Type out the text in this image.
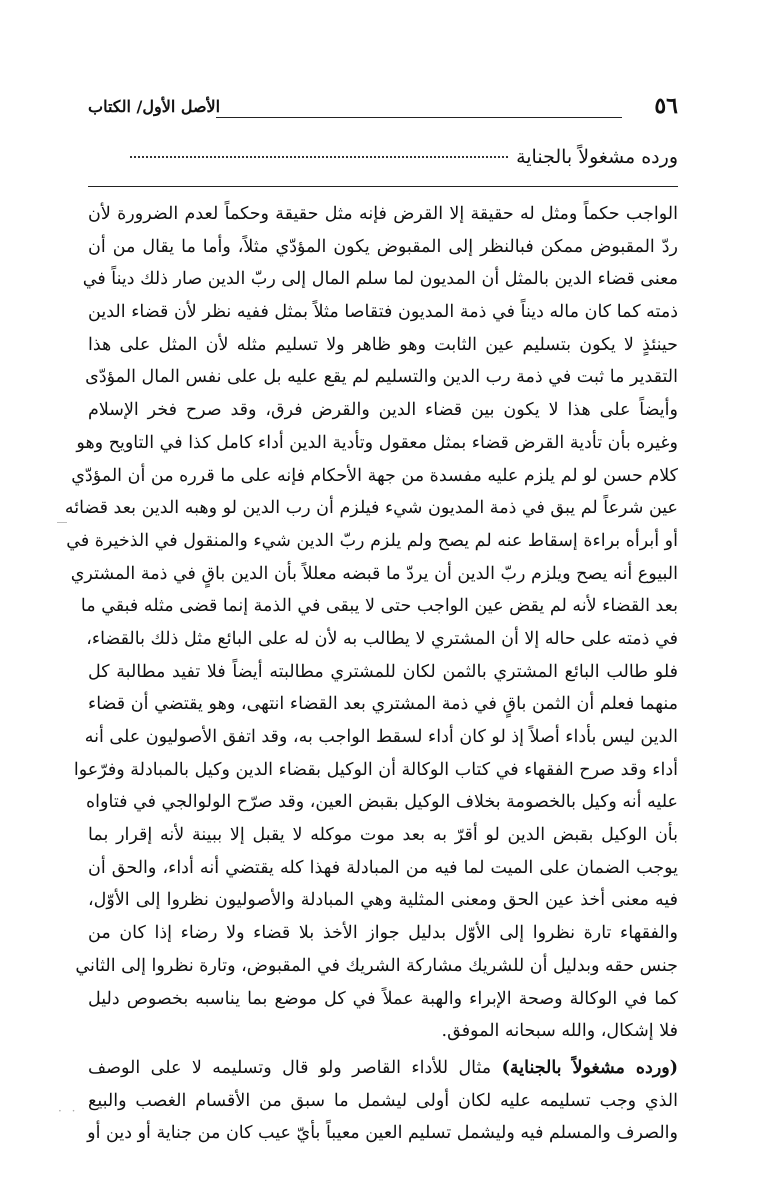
٥٦
الأصل الأول/ الكتاب
ورده مشغولاً بالجناية
الواجب حكماً ومثل له حقيقة إلا القرض فإنه مثل حقيقة وحكماً لعدم الضرورة لأن
ردّ المقبوض ممكن فبالنظر إلى المقبوض يكون المؤدّي مثلاً، وأما ما يقال من أن
معنى قضاء الدين بالمثل أن المديون لما سلم المال إلى ربّ الدين صار ذلك ديناً في
ذمته كما كان ماله ديناً في ذمة المديون فتقاصا مثلاً بمثل ففيه نظر لأن قضاء الدين
حينئذٍ لا يكون بتسليم عين الثابت وهو ظاهر ولا تسليم مثله لأن المثل على هذا
التقدير ما ثبت في ذمة رب الدين والتسليم لم يقع عليه بل على نفس المال المؤدّى
وأيضاً على هذا لا يكون بين قضاء الدين والقرض فرق، وقد صرح فخر الإسلام
وغيره بأن تأدية القرض قضاء بمثل معقول وتأدية الدين أداء كامل كذا في التاويح وهو
كلام حسن لو لم يلزم عليه مفسدة من جهة الأحكام فإنه على ما قرره من أن المؤدّي
عين شرعاً لم يبق في ذمة المديون شيء فيلزم أن رب الدين لو وهبه الدين بعد قضائه
أو أبرأه براءة إسقاط عنه لم يصح ولم يلزم ربّ الدين شيء والمنقول في الذخيرة في
البيوع أنه يصح ويلزم ربّ الدين أن يردّ ما قبضه معللاً بأن الدين باقٍ في ذمة المشتري
بعد القضاء لأنه لم يقض عين الواجب حتى لا يبقى في الذمة إنما قضى مثله فبقي ما
في ذمته على حاله إلا أن المشتري لا يطالب به لأن له على البائع مثل ذلك بالقضاء،
فلو طالب البائع المشتري بالثمن لكان للمشتري مطالبته أيضاً فلا تفيد مطالبة كل
منهما فعلم أن الثمن باقٍ في ذمة المشتري بعد القضاء انتهى، وهو يقتضي أن قضاء
الدين ليس بأداء أصلاً إذ لو كان أداء لسقط الواجب به، وقد اتفق الأصوليون على أنه
أداء وقد صرح الفقهاء في كتاب الوكالة أن الوكيل بقضاء الدين وكيل بالمبادلة وفرّعوا
عليه أنه وكيل بالخصومة بخلاف الوكيل بقبض العين، وقد صرّح الولوالجي في فتاواه
بأن الوكيل بقبض الدين لو أقرّ به بعد موت موكله لا يقبل إلا ببينة لأنه إقرار بما
يوجب الضمان على الميت لما فيه من المبادلة فهذا كله يقتضي أنه أداء، والحق أن
فيه معنى أخذ عين الحق ومعنى المثلية وهي المبادلة والأصوليون نظروا إلى الأوّل،
والفقهاء تارة نظروا إلى الأوّل بدليل جواز الأخذ بلا قضاء ولا رضاء إذا كان من
جنس حقه وبدليل أن للشريك مشاركة الشريك في المقبوض، وتارة نظروا إلى الثاني
كما في الوكالة وصحة الإبراء والهبة عملاً في كل موضع بما يناسبه بخصوص دليل
فلا إشكال، والله سبحانه الموفق.
(ورده مشغولاً بالجناية) مثال للأداء القاصر ولو قال وتسليمه لا على الوصف
الذي وجب تسليمه عليه لكان أولى ليشمل ما سبق من الأقسام الغصب والبيع
والصرف والمسلم فيه وليشمل تسليم العين معيباً بأيّ عيب كان من جناية أو دين أو
· ·
